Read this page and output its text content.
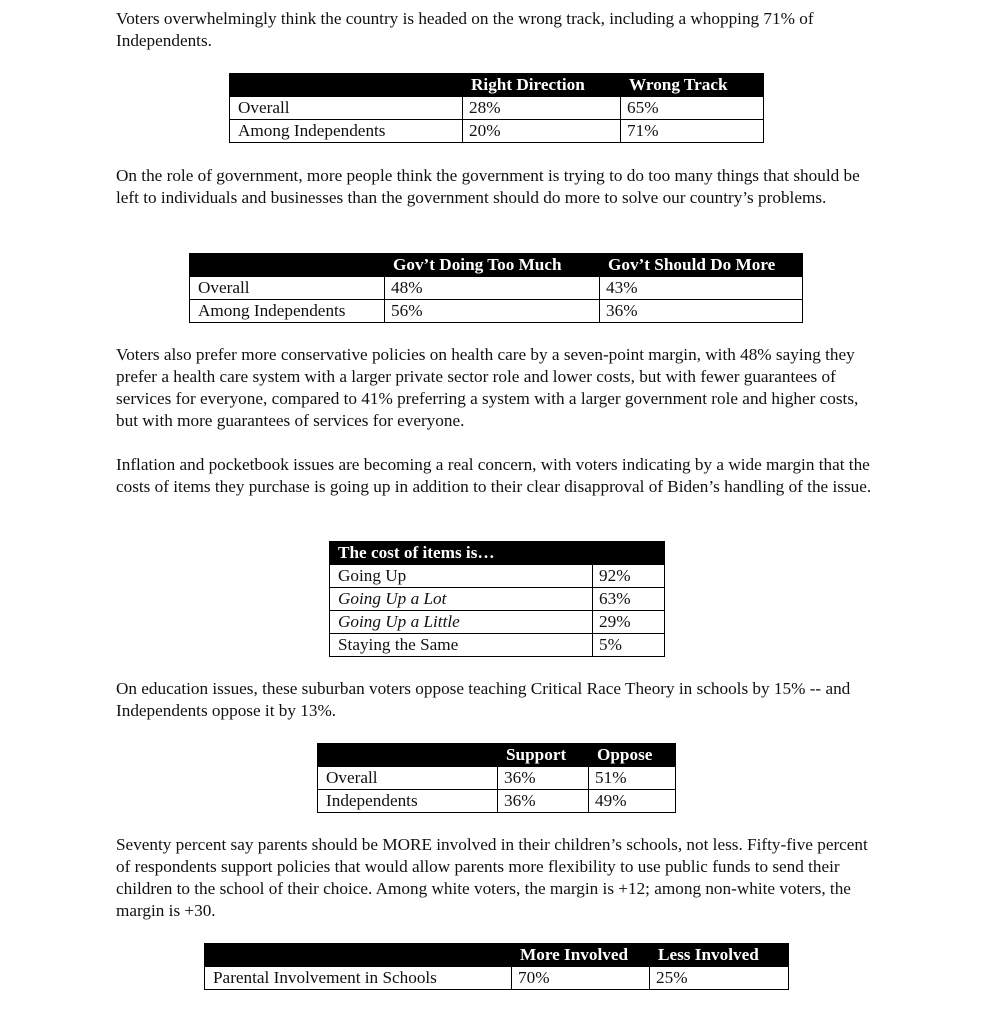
Voters overwhelmingly think the country is headed on the wrong track, including a whopping 71% of Independents.

	Right Direction	Wrong Track
Overall	28%	65%
Among Independents	20%	71%

On the role of government, more people think the government is trying to do too many things that should be left to individuals and businesses than the government should do more to solve our country’s problems.

	Gov’t Doing Too Much	Gov’t Should Do More
Overall	48%	43%
Among Independents	56%	36%

Voters also prefer more conservative policies on health care by a seven-point margin, with 48% saying they prefer a health care system with a larger private sector role and lower costs, but with fewer guarantees of services for everyone, compared to 41% preferring a system with a larger government role and higher costs, but with more guarantees of services for everyone.

Inflation and pocketbook issues are becoming a real concern, with voters indicating by a wide margin that the costs of items they purchase is going up in addition to their clear disapproval of Biden’s handling of the issue.

The cost of items is…	
Going Up	92%
Going Up a Lot	63%
Going Up a Little	29%
Staying the Same	5%

On education issues, these suburban voters oppose teaching Critical Race Theory in schools by 15% -- and Independents oppose it by 13%.

	Support	Oppose
Overall	36%	51%
Independents	36%	49%

Seventy percent say parents should be MORE involved in their children’s schools, not less. Fifty-five percent of respondents support policies that would allow parents more flexibility to use public funds to send their children to the school of their choice. Among white voters, the margin is +12; among non-white voters, the margin is +30.

	More Involved	Less Involved
Parental Involvement in Schools	70%	25%
